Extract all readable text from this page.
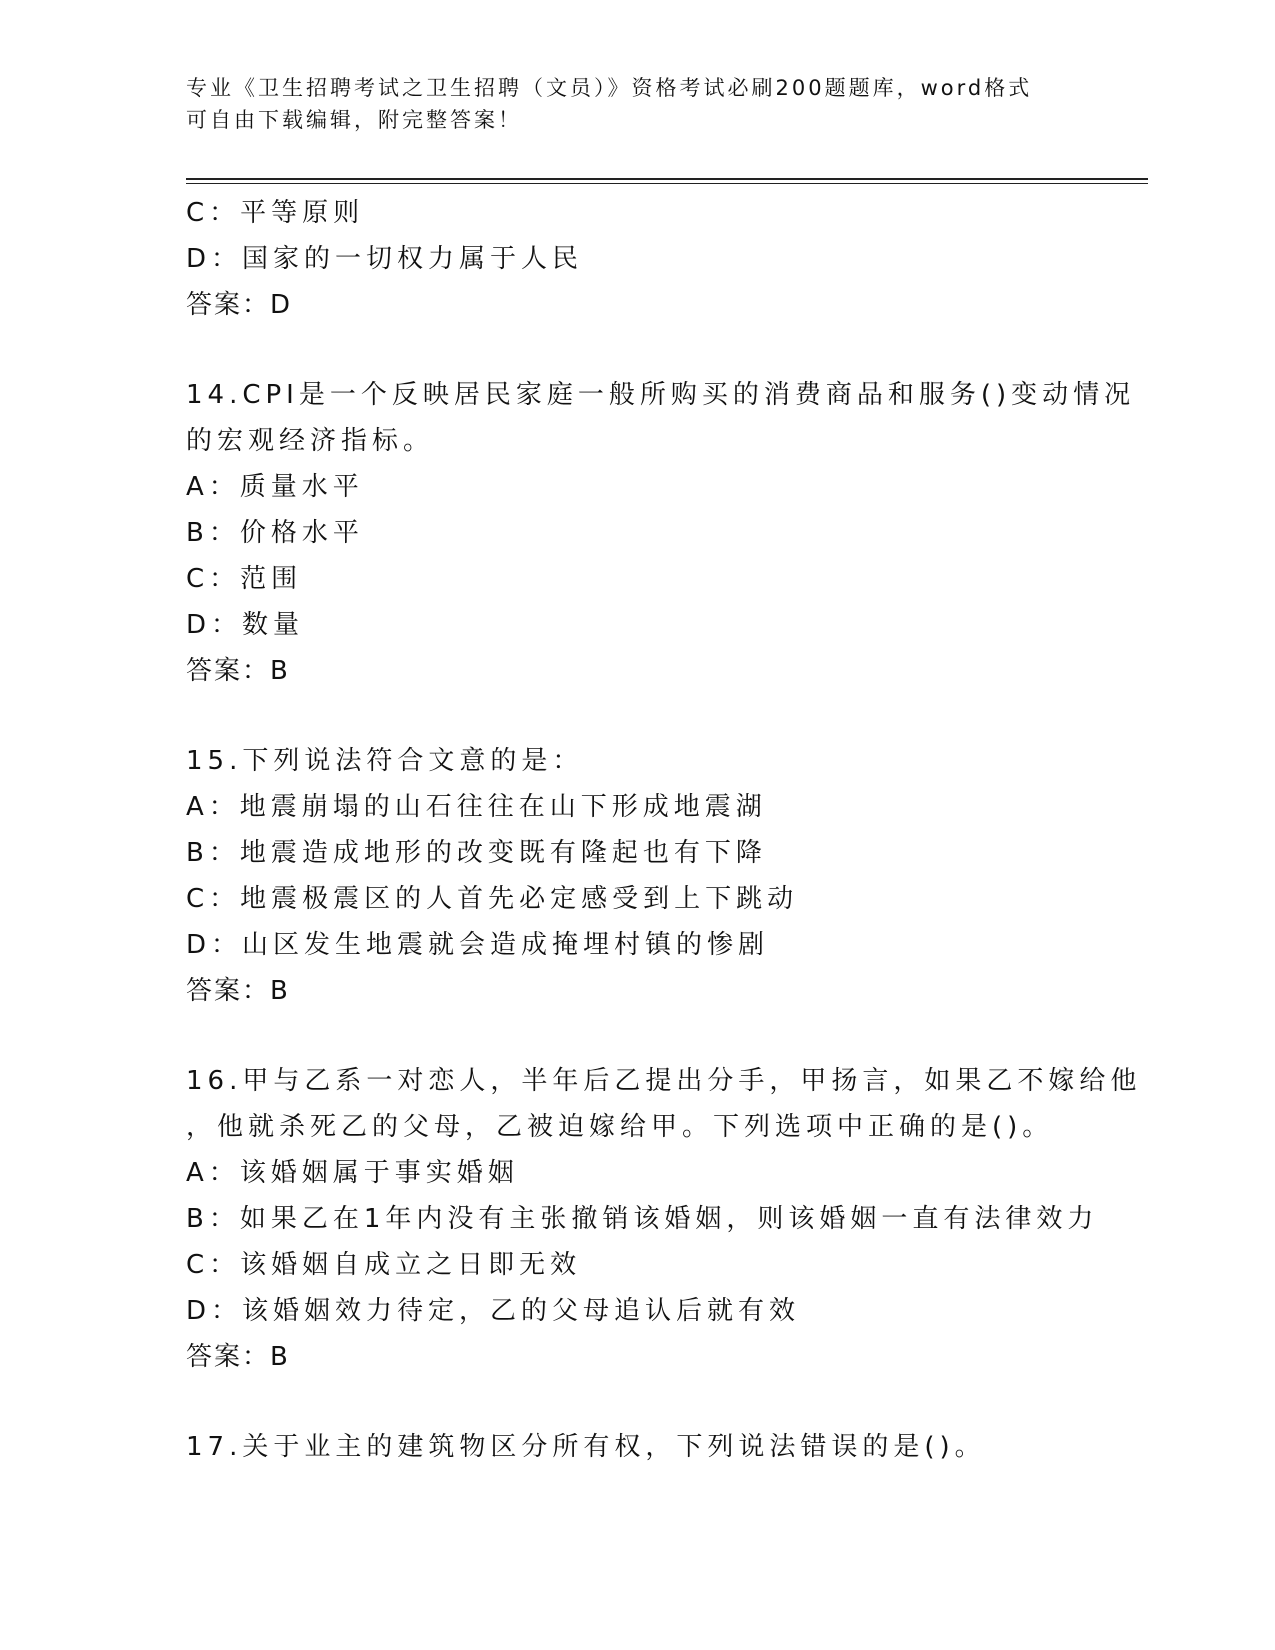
专业《卫生招聘考试之卫生招聘（文员）》资格考试必刷200题题库，word格式
可自由下载编辑，附完整答案！
C：平等原则
D：国家的一切权力属于人民
答案：D
14.CPI是一个反映居民家庭一般所购买的消费商品和服务()变动情况
的宏观经济指标。
A：质量水平
B：价格水平
C：范围
D：数量
答案：B
15.下列说法符合文意的是：
A：地震崩塌的山石往往在山下形成地震湖
B：地震造成地形的改变既有隆起也有下降
C：地震极震区的人首先必定感受到上下跳动
D：山区发生地震就会造成掩埋村镇的惨剧
答案：B
16.甲与乙系一对恋人，半年后乙提出分手，甲扬言，如果乙不嫁给他
，他就杀死乙的父母，乙被迫嫁给甲。下列选项中正确的是()。
A：该婚姻属于事实婚姻
B：如果乙在1年内没有主张撤销该婚姻，则该婚姻一直有法律效力
C：该婚姻自成立之日即无效
D：该婚姻效力待定，乙的父母追认后就有效
答案：B
17.关于业主的建筑物区分所有权，下列说法错误的是()。
